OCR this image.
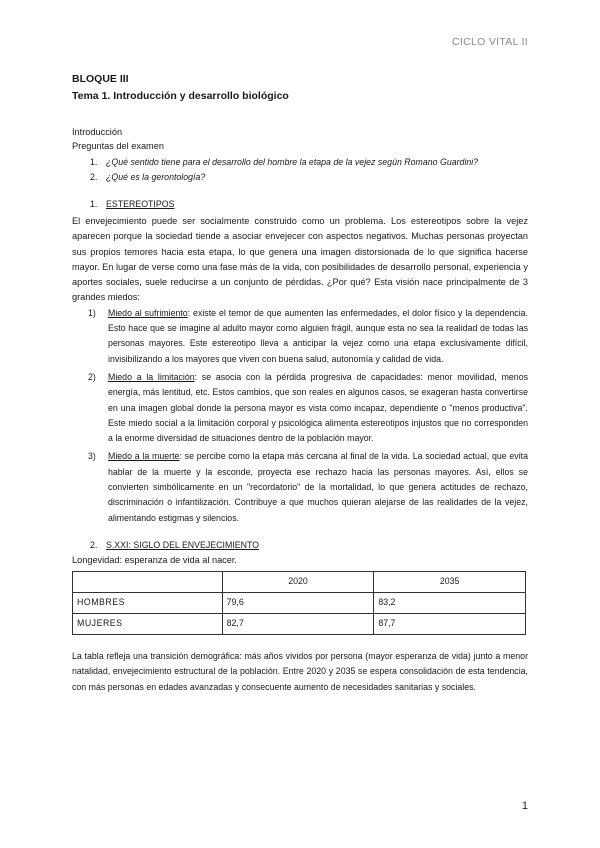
CICLO VITAL II
BLOQUE III
Tema 1. Introducción y desarrollo biológico
Introducción
Preguntas del examen
1. ¿Qué sentido tiene para el desarrollo del hombre la etapa de la vejez según Romano Guardini?
2. ¿Qué es la gerontología?
1. ESTEREOTIPOS

El envejecimiento puede ser socialmente construido como un problema. Los estereotipos sobre la vejez aparecen porque la sociedad tiende a asociar envejecer con aspectos negativos. Muchas personas proyectan sus propios temores hacia esta etapa, lo que genera una imagen distorsionada de lo que significa hacerse mayor. En lugar de verse como una fase más de la vida, con posibilidades de desarrollo personal, experiencia y aportes sociales, suele reducirse a un conjunto de pérdidas. ¿Por qué? Esta visión nace principalmente de 3 grandes miedos:

1) Miedo al sufrimiento: existe el temor de que aumenten las enfermedades, el dolor físico y la dependencia. Esto hace que se imagine al adulto mayor como alguien frágil, aunque esta no sea la realidad de todas las personas mayores. Este estereotipo lleva a anticipar la vejez como una etapa exclusivamente difícil, invisibilizando a los mayores que viven con buena salud, autonomía y calidad de vida.
2) Miedo a la limitación: se asocia con la pérdida progresiva de capacidades: menor movilidad, menos energía, más lentitud, etc. Estos cambios, que son reales en algunos casos, se exageran hasta convertirse en una imagen global donde la persona mayor es vista como incapaz, dependiente o "menos productiva". Este miedo social a la limitación corporal y psicológica alimenta estereotipos injustos que no corresponden a la enorme diversidad de situaciones dentro de la población mayor.
3) Miedo a la muerte: se percibe como la etapa más cercana al final de la vida. La sociedad actual, que evita hablar de la muerte y la esconde, proyecta ese rechazo hacia las personas mayores. Así, ellos se convierten simbólicamente en un "recordatorio" de la mortalidad, lo que genera actitudes de rechazo, discriminación o infantilización. Contribuye a que muchos quieran alejarse de las realidades de la vejez, alimentando estigmas y silencios.
2. S.XXI: SIGLO DEL ENVEJECIMIENTO
Longevidad: esperanza de vida al nacer.
	2020	2035
HOMBRES	79,6	83,2
MUJERES	82,7	87,7

La tabla refleja una transición demográfica: más años vividos por persona (mayor esperanza de vida) junto a menor natalidad, envejecimiento estructural de la población. Entre 2020 y 2035 se espera consolidación de esta tendencia, con más personas en edades avanzadas y consecuente aumento de necesidades sanitarias y sociales.

1
